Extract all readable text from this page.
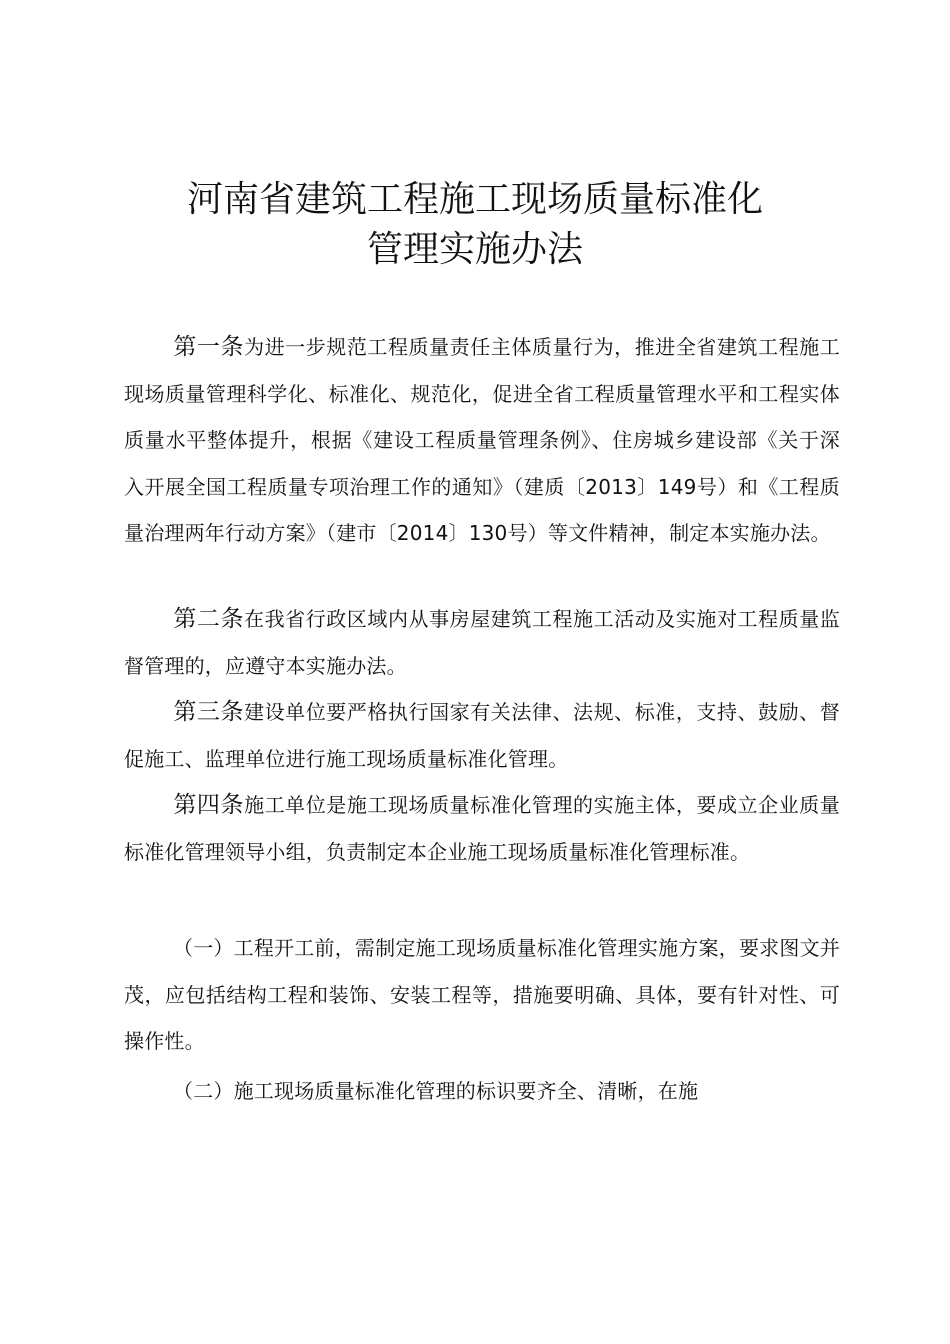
河南省建筑工程施工现场质量标准化
管理实施办法

第一条为进一步规范工程质量责任主体质量行为，推进全省建筑工程施工现场质量管理科学化、标准化、规范化，促进全省工程质量管理水平和工程实体质量水平整体提升，根据《建设工程质量管理条例》、住房城乡建设部《关于深入开展全国工程质量专项治理工作的通知》（建质〔2013〕149号）和《工程质量治理两年行动方案》（建市〔2014〕130号）等文件精神，制定本实施办法。

第二条在我省行政区域内从事房屋建筑工程施工活动及实施对工程质量监督管理的，应遵守本实施办法。

第三条建设单位要严格执行国家有关法律、法规、标准，支持、鼓励、督促施工、监理单位进行施工现场质量标准化管理。

第四条施工单位是施工现场质量标准化管理的实施主体，要成立企业质量标准化管理领导小组，负责制定本企业施工现场质量标准化管理标准。

（一）工程开工前，需制定施工现场质量标准化管理实施方案，要求图文并茂，应包括结构工程和装饰、安装工程等，措施要明确、具体，要有针对性、可操作性。

（二）施工现场质量标准化管理的标识要齐全、清晰，在施
